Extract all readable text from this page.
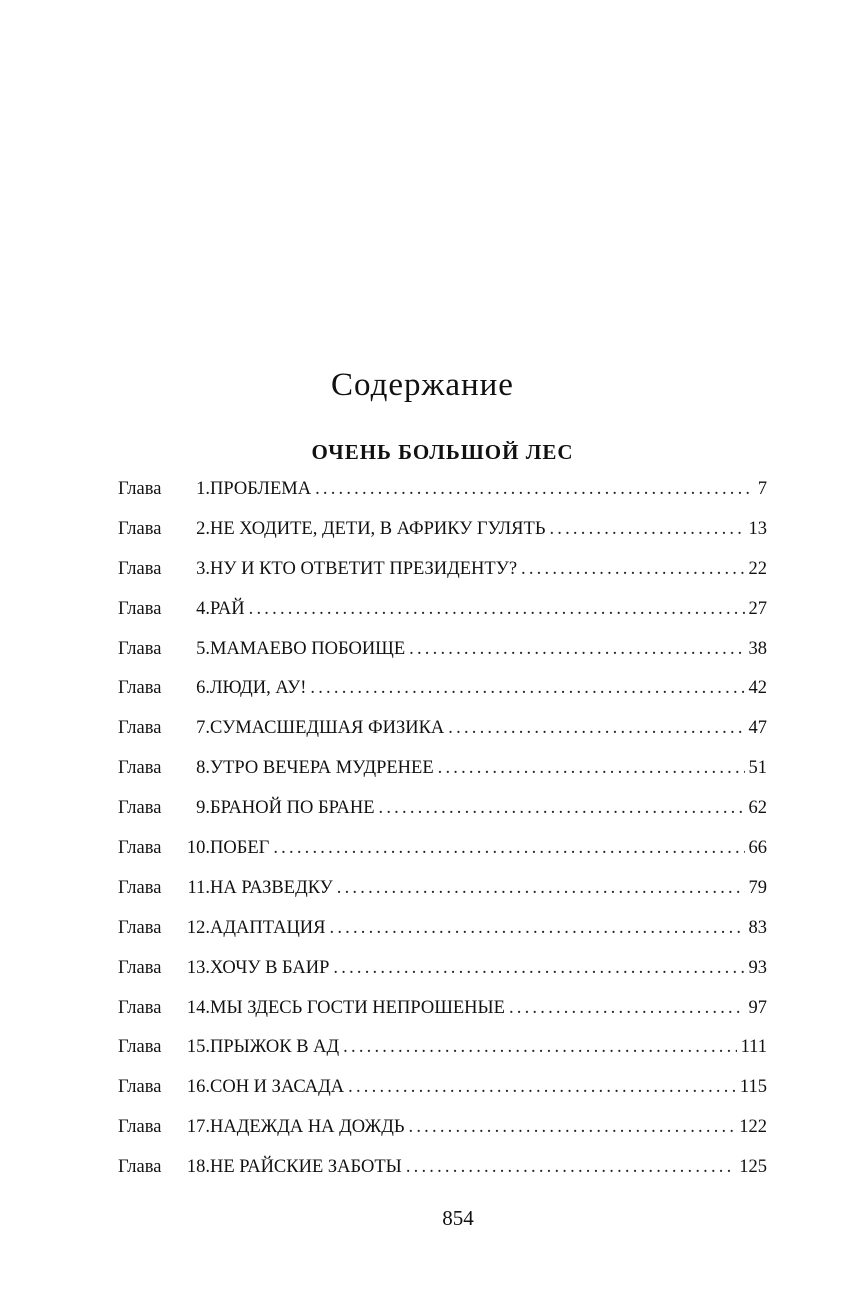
Содержание
ОЧЕНЬ БОЛЬШОЙ ЛЕС
Глава	1. ПРОБЛЕМА .....	7
Глава	2. НЕ ХОДИТЕ, ДЕТИ, В АФРИКУ ГУЛЯТЬ .....	13
Глава	3. НУ И КТО ОТВЕТИТ ПРЕЗИДЕНТУ? .....	22
Глава	4. РАЙ .....	27
Глава	5. МАМАЕВО ПОБОИЩЕ .....	38
Глава	6. ЛЮДИ, АУ! .....	42
Глава	7. СУМАСШЕДШАЯ ФИЗИКА .....	47
Глава	8. УТРО ВЕЧЕРА МУДРЕНЕЕ .....	51
Глава	9. БРАНОЙ ПО БРАНЕ .....	62
Глава	10. ПОБЕГ .....	66
Глава	11. НА РАЗВЕДКУ .....	79
Глава	12. АДАПТАЦИЯ .....	83
Глава	13. ХОЧУ В БАИР .....	93
Глава	14. МЫ ЗДЕСЬ ГОСТИ НЕПРОШЕНЫЕ .....	97
Глава	15. ПРЫЖОК В АД .....	111
Глава	16. СОН И ЗАСАДА .....	115
Глава	17. НАДЕЖДА НА ДОЖДЬ .....	122
Глава	18. НЕ РАЙСКИЕ ЗАБОТЫ .....	125
854
